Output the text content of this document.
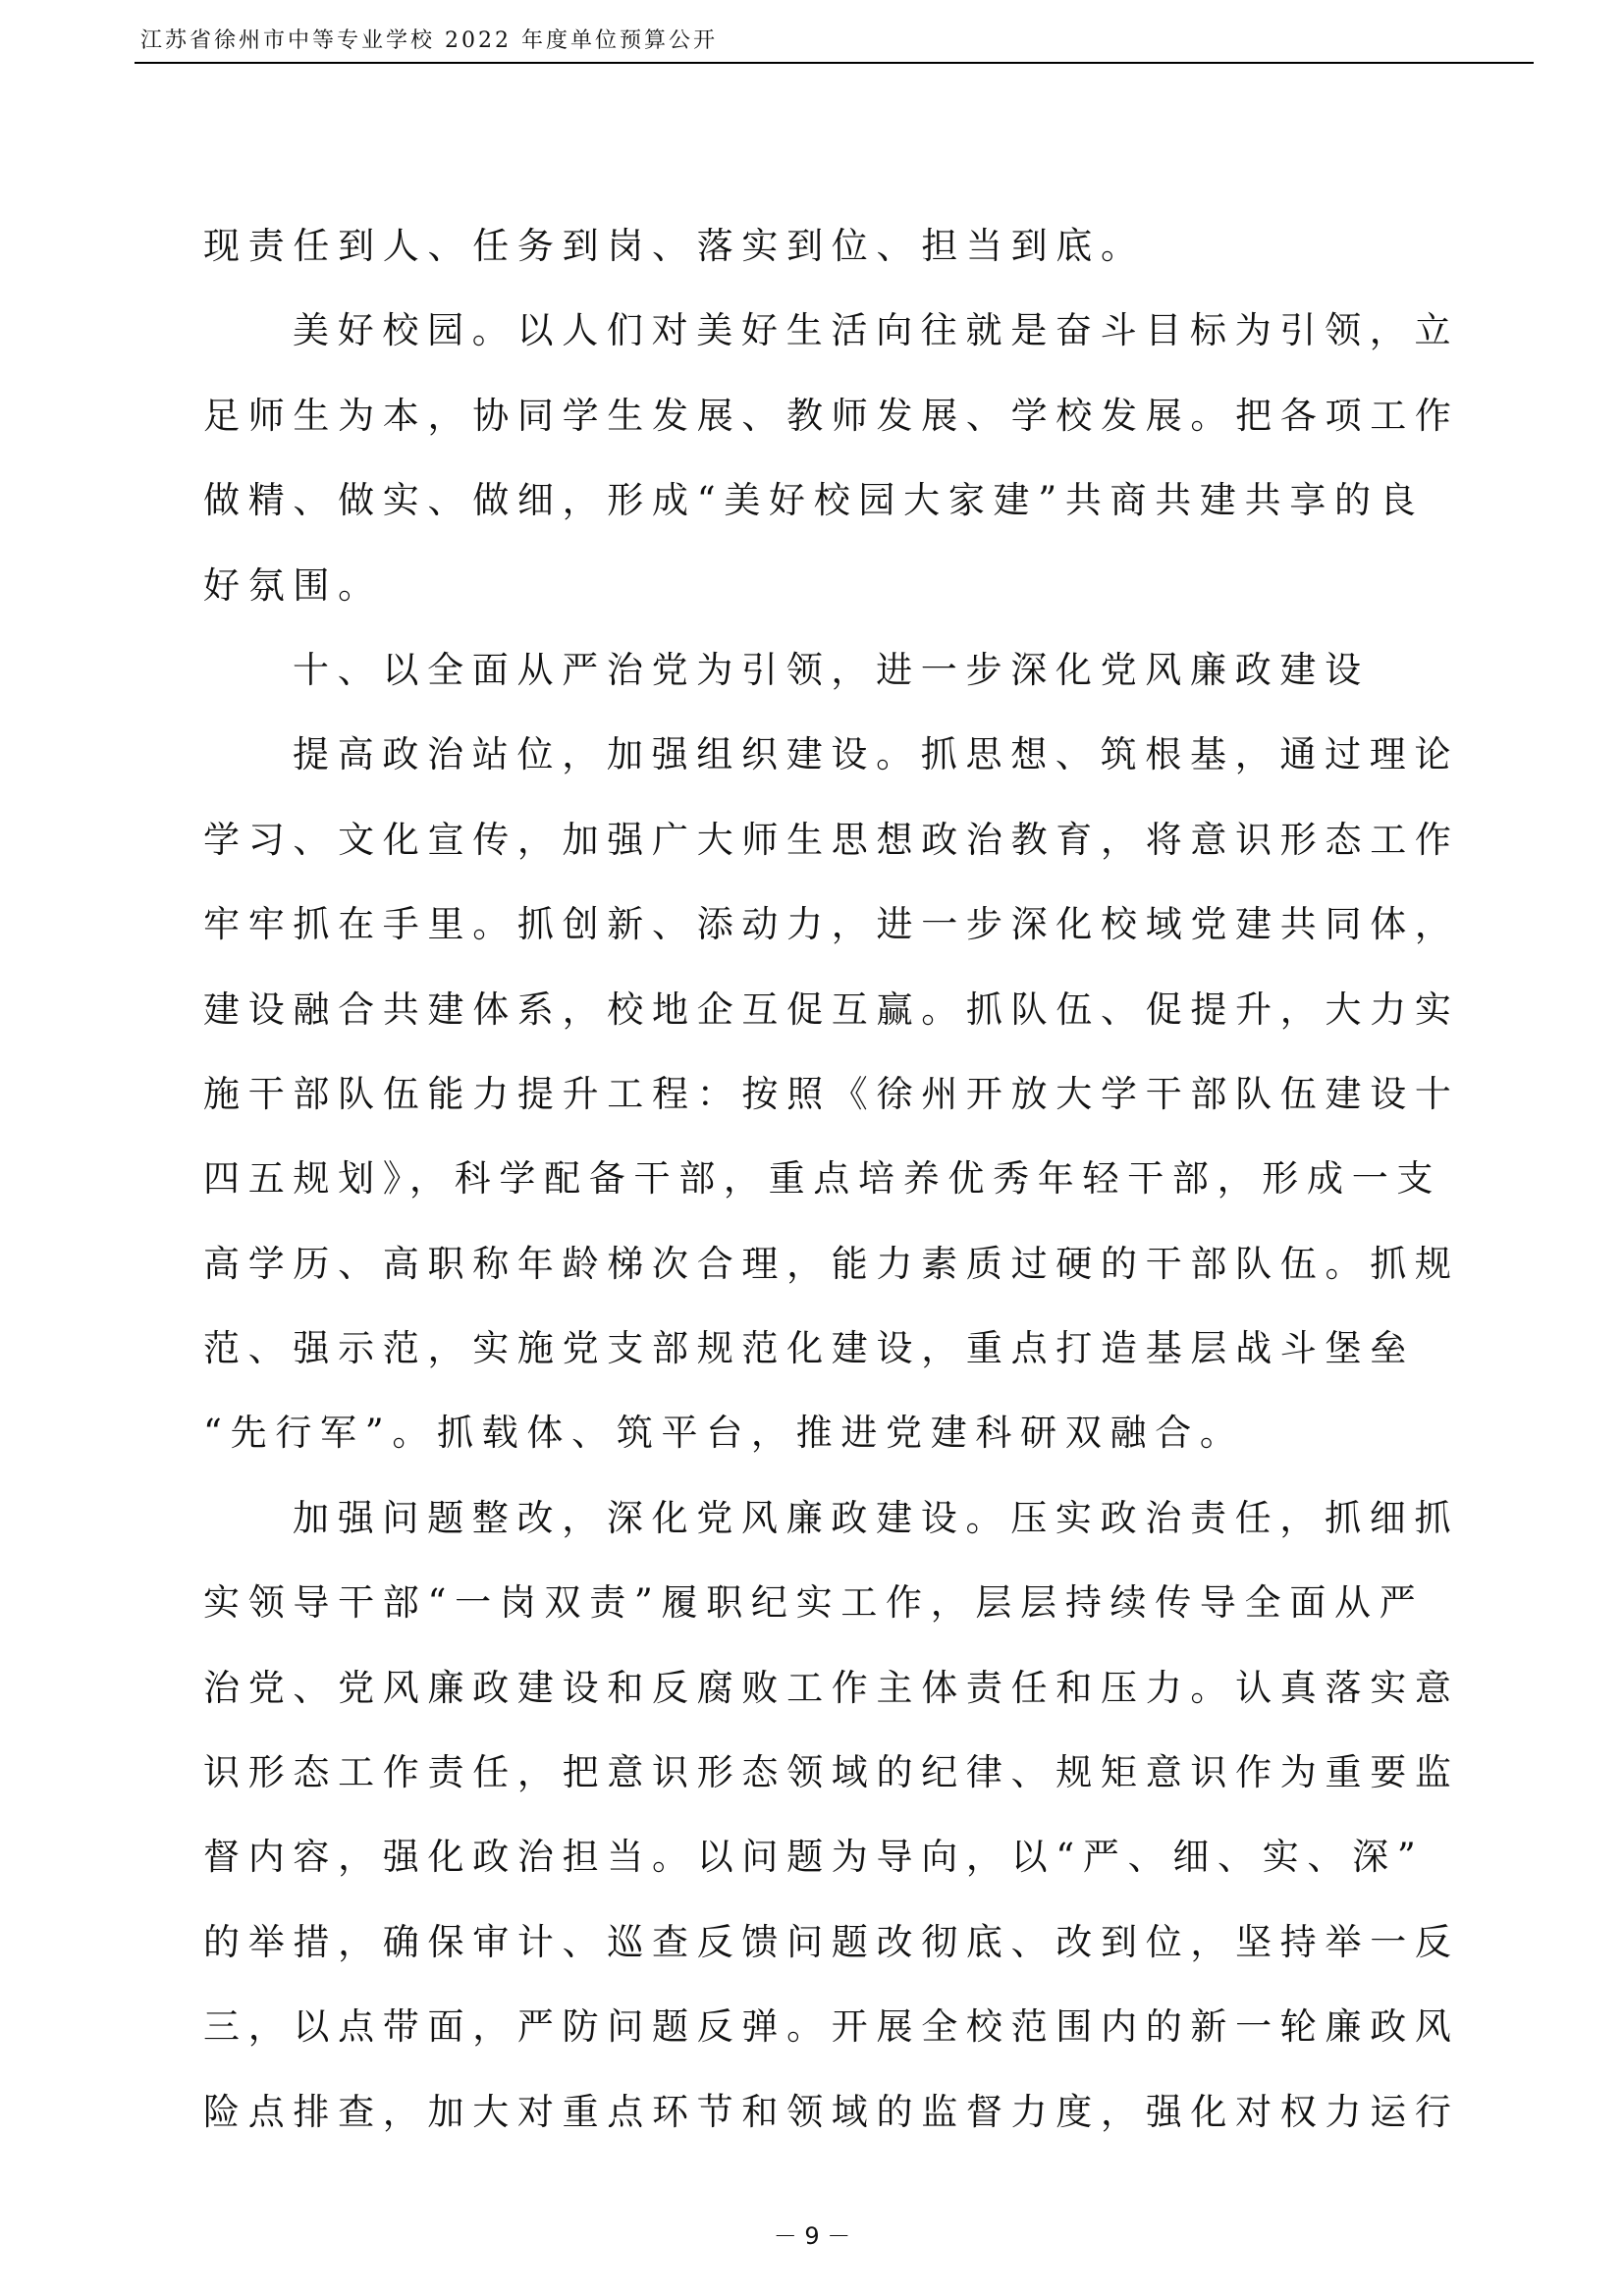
江苏省徐州市中等专业学校 2022 年度单位预算公开
现责任到人、任务到岗、落实到位、担当到底。
美好校园。以人们对美好生活向往就是奋斗目标为引领，立
足师生为本，协同学生发展、教师发展、学校发展。把各项工作
做精、做实、做细，形成“美好校园大家建”共商共建共享的良
好氛围。
十、以全面从严治党为引领，进一步深化党风廉政建设
提高政治站位，加强组织建设。抓思想、筑根基，通过理论
学习、文化宣传，加强广大师生思想政治教育，将意识形态工作
牢牢抓在手里。抓创新、添动力，进一步深化校域党建共同体，
建设融合共建体系，校地企互促互赢。抓队伍、促提升，大力实
施干部队伍能力提升工程：按照《徐州开放大学干部队伍建设十
四五规划》，科学配备干部，重点培养优秀年轻干部，形成一支
高学历、高职称年龄梯次合理，能力素质过硬的干部队伍。抓规
范、强示范，实施党支部规范化建设，重点打造基层战斗堡垒
“先行军”。抓载体、筑平台，推进党建科研双融合。
加强问题整改，深化党风廉政建设。压实政治责任，抓细抓
实领导干部“一岗双责”履职纪实工作，层层持续传导全面从严
治党、党风廉政建设和反腐败工作主体责任和压力。认真落实意
识形态工作责任，把意识形态领域的纪律、规矩意识作为重要监
督内容，强化政治担当。以问题为导向，以“严、细、实、深”
的举措，确保审计、巡查反馈问题改彻底、改到位，坚持举一反
三，以点带面，严防问题反弹。开展全校范围内的新一轮廉政风
险点排查，加大对重点环节和领域的监督力度，强化对权力运行
－ 9 －
